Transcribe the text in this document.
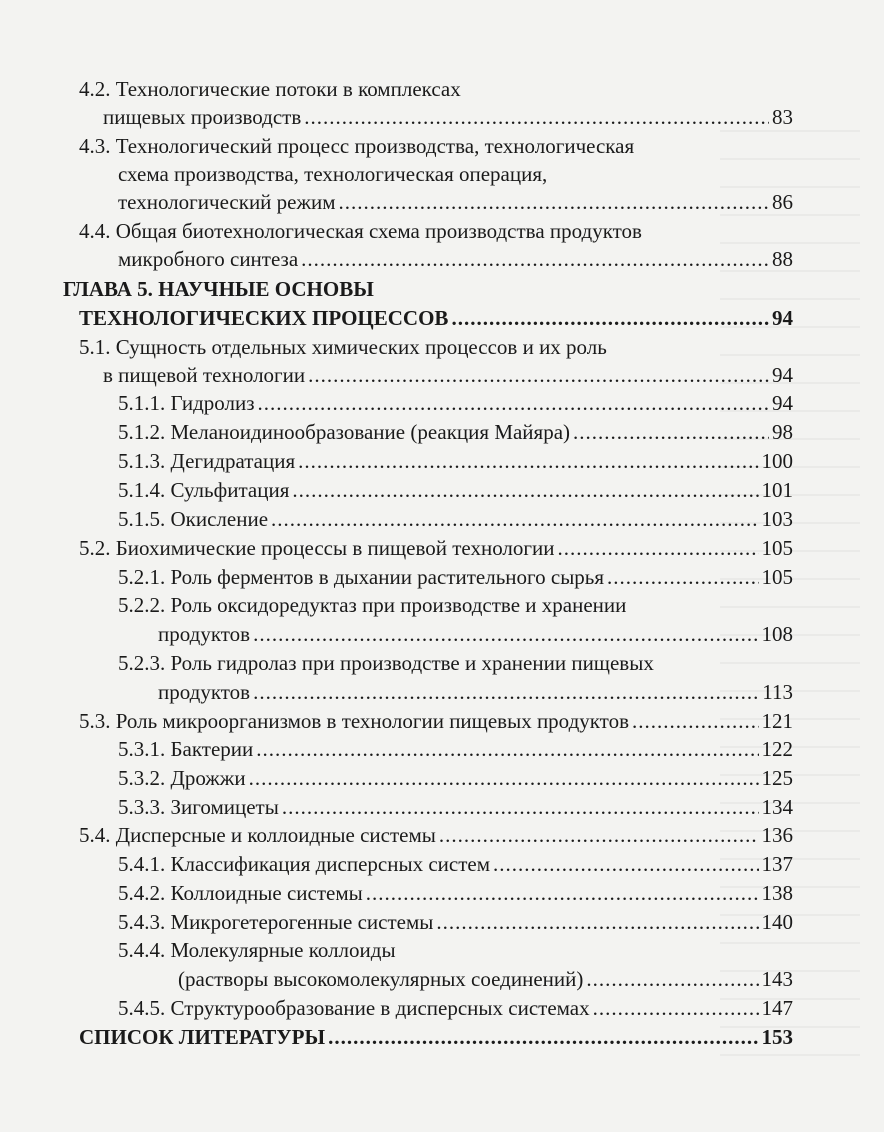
4.2. Технологические потоки в комплексах
пищевых производств .....	83
4.3. Технологический процесс производства, технологическая
схема производства, технологическая операция,
технологический режим .....	86
4.4. Общая биотехнологическая схема производства продуктов
микробного синтеза .....	88
ГЛАВА 5. НАУЧНЫЕ ОСНОВЫ
ТЕХНОЛОГИЧЕСКИХ ПРОЦЕССОВ .....	94
5.1. Сущность отдельных химических процессов и их роль
в пищевой технологии .....	94
5.1.1. Гидролиз .....	94
5.1.2. Меланоидинообразование (реакция Майяра) .....	98
5.1.3. Дегидратация .....	100
5.1.4. Сульфитация .....	101
5.1.5. Окисление .....	103
5.2. Биохимические процессы в пищевой технологии .....	105
5.2.1. Роль ферментов в дыхании растительного сырья .....	105
5.2.2. Роль оксидоредуктаз при производстве и хранении
продуктов .....	108
5.2.3. Роль гидролаз при производстве и хранении пищевых
продуктов .....	113
5.3. Роль микроорганизмов в технологии пищевых продуктов .....	121
5.3.1. Бактерии .....	122
5.3.2. Дрожжи .....	125
5.3.3. Зигомицеты .....	134
5.4. Дисперсные и коллоидные системы .....	136
5.4.1. Классификация дисперсных систем .....	137
5.4.2. Коллоидные системы .....	138
5.4.3. Микрогетерогенные системы .....	140
5.4.4. Молекулярные коллоиды
(растворы высокомолекулярных соединений) .....	143
5.4.5. Структурообразование в дисперсных системах .....	147
СПИСОК ЛИТЕРАТУРЫ .....	153
